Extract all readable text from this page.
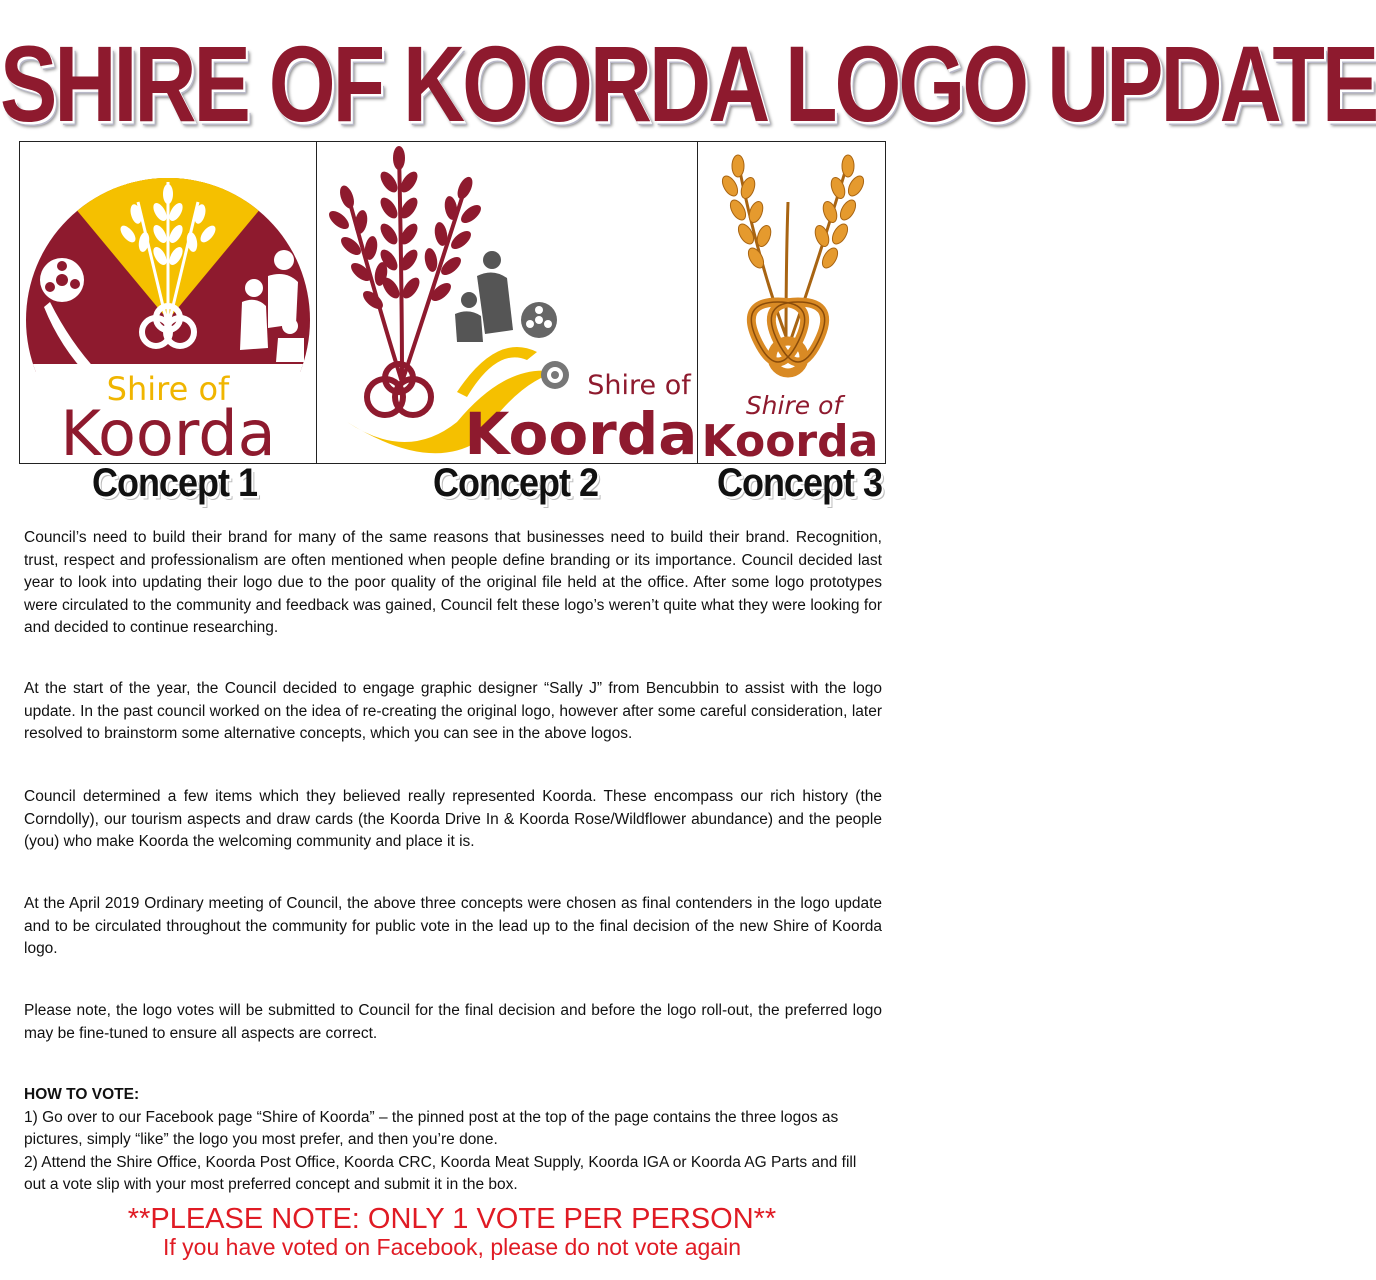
SHIRE OF KOORDA LOGO UPDATE
Shire of
Koorda
Shire of
Koorda Shire of
Koorda
Concept 1	Concept 2	Concept 3

Council’s need to build their brand for many of the same reasons that businesses need to build their brand. Recognition, trust, respect and professionalism are often mentioned when people define branding or its importance. Council decided last year to look into updating their logo due to the poor quality of the original file held at the office. After some logo prototypes were circulated to the community and feedback was gained, Council felt these logo’s weren’t quite what they were looking for and decided to continue researching.

At the start of the year, the Council decided to engage graphic designer “Sally J” from Bencubbin to assist with the logo update. In the past council worked on the idea of re-creating the original logo, however after some careful consideration, later resolved to brainstorm some alternative concepts, which you can see in the above logos.

Council determined a few items which they believed really represented Koorda. These encompass our rich history (the Corndolly), our tourism aspects and draw cards (the Koorda Drive In & Koorda Rose/Wildflower abundance) and the people (you) who make Koorda the welcoming community and place it is.

At the April 2019 Ordinary meeting of Council, the above three concepts were chosen as final contenders in the logo update and to be circulated throughout the community for public vote in the lead up to the final decision of the new Shire of Koorda logo.

Please note, the logo votes will be submitted to Council for the final decision and before the logo roll-out, the preferred logo may be fine-tuned to ensure all aspects are correct.

HOW TO VOTE:
1) Go over to our Facebook page “Shire of Koorda” – the pinned post at the top of the page contains the three logos as pictures, simply “like” the logo you most prefer, and then you’re done.
2) Attend the Shire Office, Koorda Post Office, Koorda CRC, Koorda Meat Supply, Koorda IGA or Koorda AG Parts and fill out a vote slip with your most preferred concept and submit it in the box.
**PLEASE NOTE: ONLY 1 VOTE PER PERSON**
If you have voted on Facebook, please do not vote again
